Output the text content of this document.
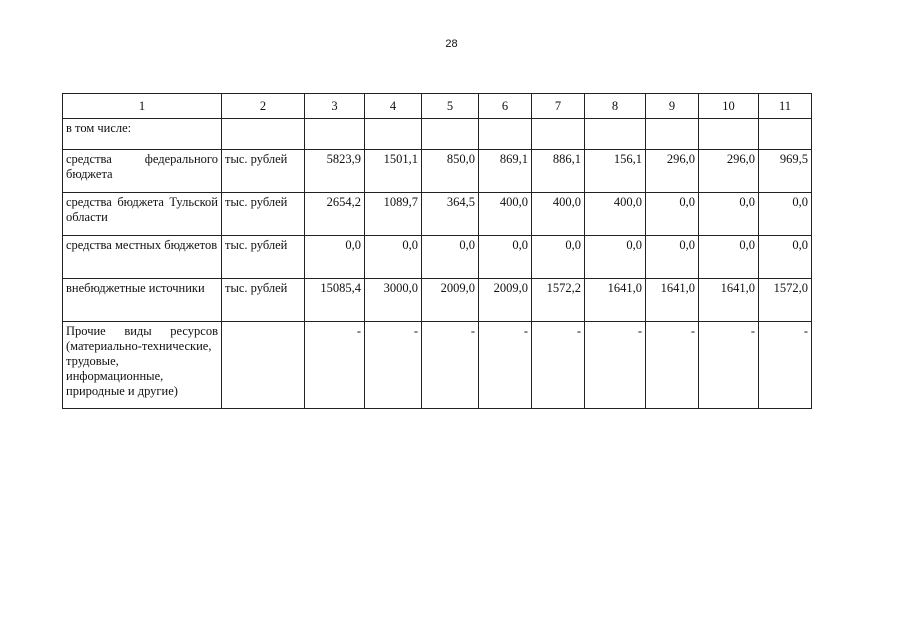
28
1	2	3	4	5	6	7	8	9	10	11
в том числе:										
средства федерального бюджета	тыс. рублей	5823,9	1501,1	850,0	869,1	886,1	156,1	296,0	296,0	969,5
средства бюджета Тульской области	тыс. рублей	2654,2	1089,7	364,5	400,0	400,0	400,0	0,0	0,0	0,0
средства местных бюджетов	тыс. рублей	0,0	0,0	0,0	0,0	0,0	0,0	0,0	0,0	0,0
внебюджетные источники	тыс. рублей	15085,4	3000,0	2009,0	2009,0	1572,2	1641,0	1641,0	1641,0	1572,0
Прочие виды ресурсов (материально-технические, трудовые, информационные, природные и другие)		-	-	-	-	-	-	-	-	-
